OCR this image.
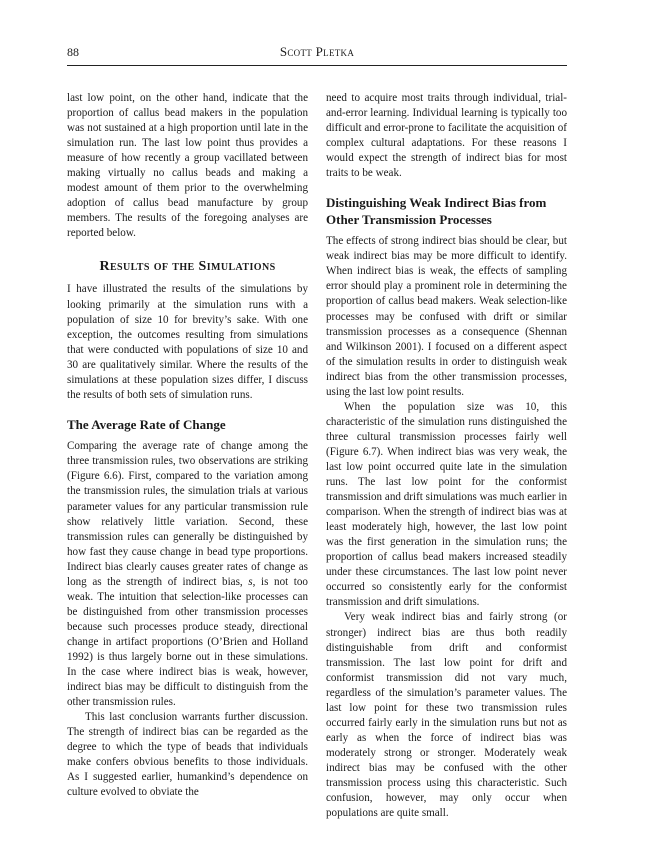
88	Scott Pletka

last low point, on the other hand, indicate that the proportion of callus bead makers in the population was not sustained at a high proportion until late in the simulation run. The last low point thus provides a measure of how recently a group vacillated between making virtually no callus beads and making a modest amount of them prior to the overwhelming adoption of callus bead manufacture by group members. The results of the foregoing analyses are reported below.

Results of the Simulations

I have illustrated the results of the simulations by looking primarily at the simulation runs with a population of size 10 for brevity’s sake. With one exception, the outcomes resulting from simulations that were conducted with populations of size 10 and 30 are qualitatively similar. Where the results of the simulations at these population sizes differ, I discuss the results of both sets of simulation runs.

The Average Rate of Change

Comparing the average rate of change among the three transmission rules, two observations are striking (Figure 6.6). First, compared to the variation among the transmission rules, the simulation trials at various parameter values for any particular transmission rule show relatively little variation. Second, these transmission rules can generally be distinguished by how fast they cause change in bead type proportions. Indirect bias clearly causes greater rates of change as long as the strength of indirect bias, s, is not too weak. The intuition that selection-like processes can be distinguished from other transmission processes because such processes produce steady, directional change in artifact proportions (O’Brien and Holland 1992) is thus largely borne out in these simulations. In the case where indirect bias is weak, however, indirect bias may be difficult to distinguish from the other transmission rules.

This last conclusion warrants further discussion. The strength of indirect bias can be regarded as the degree to which the type of beads that individuals make confers obvious benefits to those individuals. As I suggested earlier, humankind’s dependence on culture evolved to obviate the

need to acquire most traits through individual, trial-and-error learning. Individual learning is typically too difficult and error-prone to facilitate the acquisition of complex cultural adaptations. For these reasons I would expect the strength of indirect bias for most traits to be weak.

Distinguishing Weak Indirect Bias from Other Transmission Processes

The effects of strong indirect bias should be clear, but weak indirect bias may be more difficult to identify. When indirect bias is weak, the effects of sampling error should play a prominent role in determining the proportion of callus bead makers. Weak selection-like processes may be confused with drift or similar transmission processes as a consequence (Shennan and Wilkinson 2001). I focused on a different aspect of the simulation results in order to distinguish weak indirect bias from the other transmission processes, using the last low point results.

When the population size was 10, this characteristic of the simulation runs distinguished the three cultural transmission processes fairly well (Figure 6.7). When indirect bias was very weak, the last low point occurred quite late in the simulation runs. The last low point for the conformist transmission and drift simulations was much earlier in comparison. When the strength of indirect bias was at least moderately high, however, the last low point was the first generation in the simulation runs; the proportion of callus bead makers increased steadily under these circumstances. The last low point never occurred so consistently early for the conformist transmission and drift simulations.

Very weak indirect bias and fairly strong (or stronger) indirect bias are thus both readily distinguishable from drift and conformist transmission. The last low point for drift and conformist transmission did not vary much, regardless of the simulation’s parameter values. The last low point for these two transmission rules occurred fairly early in the simulation runs but not as early as when the force of indirect bias was moderately strong or stronger. Moderately weak indirect bias may be confused with the other transmission process using this characteristic. Such confusion, however, may only occur when populations are quite small.
